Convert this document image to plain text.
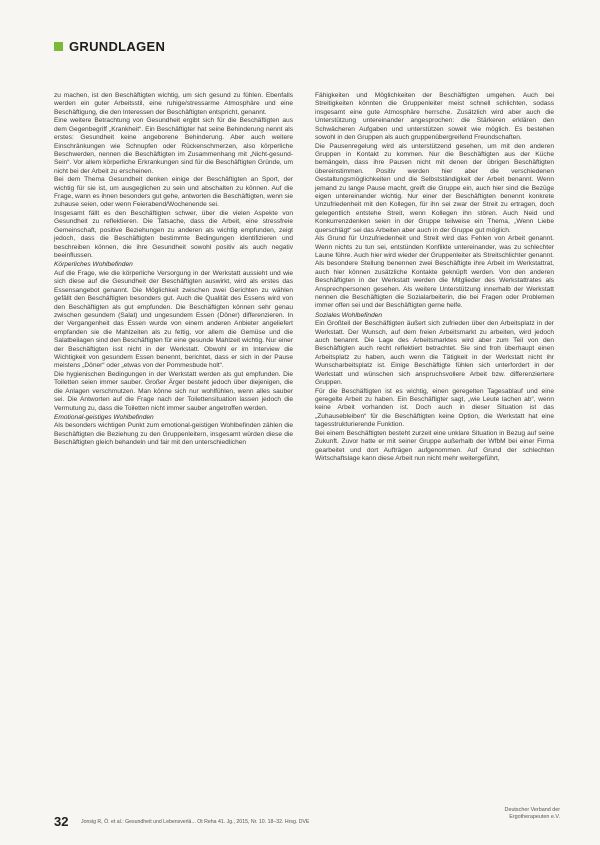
GRUNDLAGEN

zu machen, ist den Beschäftigten wichtig, um sich gesund zu fühlen. Ebenfalls werden ein guter Arbeitsstil, eine ruhige/stressarme Atmosphäre und eine Beschäftigung, die den Interessen der Beschäftigten entspricht, genannt.

Eine weitere Betrachtung von Gesundheit ergibt sich für die Beschäftigten aus dem Gegenbegriff „Krankheit“. Ein Beschäftigter hat seine Behinderung nennt als erstes: Gesundheit keine angeborene Behinderung. Aber auch weitere Einschränkungen wie Schnupfen oder Rückenschmerzen, also körperliche Beschwerden, nennen die Beschäftigten im Zusammenhang mit „Nicht-gesund-Sein“. Vor allem körperliche Erkrankungen sind für die Beschäftigten Gründe, um nicht bei der Arbeit zu erscheinen.

Bei dem Thema Gesundheit denken einige der Beschäftigten an Sport, der wichtig für sie ist, um ausgeglichen zu sein und abschalten zu können. Auf die Frage, wann es ihnen besonders gut gehe, antworten die Beschäftigten, wenn sie zuhause seien, oder wenn Feierabend/Wochenende sei.

Insgesamt fällt es den Beschäftigten schwer, über die vielen Aspekte von Gesundheit zu reflektieren. Die Tatsache, dass die Arbeit, eine stressfreie Gemeinschaft, positive Beziehungen zu anderen als wichtig empfunden, zeigt jedoch, dass die Beschäftigten bestimmte Bedingungen identifizieren und beschreiben können, die ihre Gesundheit sowohl positiv als auch negativ beeinflussen.

Körperliches Wohlbefinden

Auf die Frage, wie die körperliche Versorgung in der Werkstatt aussieht und wie sich diese auf die Gesundheit der Beschäftigten auswirkt, wird als erstes das Essensangebot genannt. Die Möglichkeit zwischen zwei Gerichten zu wählen gefällt den Beschäftigten besonders gut. Auch die Qualität des Essens wird von den Beschäftigten als gut empfunden. Die Beschäftigten können sehr genau zwischen gesundem (Salat) und ungesundem Essen (Döner) differenzieren. In der Vergangenheit das Essen wurde von einem anderen Anbieter angeliefert empfanden sie die Mahlzeiten als zu fettig, vor allem die Gemüse und die Salatbeilagen sind den Beschäftigten für eine gesunde Mahlzeit wichtig. Nur einer der Beschäftigten isst nicht in der Werkstatt. Obwohl er im Interview die Wichtigkeit von gesundem Essen benennt, berichtet, dass er sich in der Pause meistens „Döner“ oder „etwas von der Pommesbude holt“.

Die hygienischen Bedingungen in der Werkstatt werden als gut empfunden. Die Toiletten seien immer sauber. Großer Ärger besteht jedoch über diejenigen, die die Anlagen verschmutzen. Man könne sich nur wohlfühlen, wenn alles sauber sei. Die Antworten auf die Frage nach der Toilettensituation lassen jedoch die Vermutung zu, dass die Toiletten nicht immer sauber angetroffen werden.

Emotional-geistiges Wohlbefinden

Als besonders wichtigen Punkt zum emotional-geistigen Wohlbefinden zählen die Beschäftigten die Beziehung zu den Gruppenleitern, insgesamt würden diese die Beschäftigten gleich behandeln und fair mit den unterschiedlichen

Fähigkeiten und Möglichkeiten der Beschäftigten umgehen. Auch bei Streitigkeiten könnten die Gruppenleiter meist schnell schlichten, sodass insgesamt eine gute Atmosphäre herrsche. Zusätzlich wird aber auch die Unterstützung untereinander angesprochen: die Stärkeren erklären den Schwächeren Aufgaben und unterstützen soweit wie möglich. Es bestehen sowohl in den Gruppen als auch gruppenübergreifend Freundschaften.

Die Pausenregelung wird als unterstützend gesehen, um mit den anderen Gruppen in Kontakt zu kommen. Nur die Beschäftigten aus der Küche bemängeln, dass ihre Pausen nicht mit denen der übrigen Beschäftigten übereinstimmen. Positiv werden hier aber die verschiedenen Gestaltungsmöglichkeiten und die Selbstständigkeit der Arbeit benannt. Wenn jemand zu lange Pause macht, greift die Gruppe ein, auch hier sind die Bezüge eigen untereinander wichtig. Nur einer der Beschäftigten benennt konkrete Unzufriedenheit mit den Kollegen, für ihn sei zwar der Streit zu ertragen, doch gelegentlich entstehe Streit, wenn Kollegen ihn stören. Auch Neid und Konkurrenzdenken seien in der Gruppe teilweise ein Thema, „Wenn Liebe querschlägt“ sei das Arbeiten aber auch in der Gruppe gut möglich.

Als Grund für Unzufriedenheit und Streit wird das Fehlen von Arbeit genannt. Wenn nichts zu tun sei, entstünden Konflikte untereinander, was zu schlechter Laune führe. Auch hier wird wieder der Gruppenleiter als Streitschlichter genannt. Als besondere Stellung benennen zwei Beschäftigte ihre Arbeit im Werkstattrat, auch hier können zusätzliche Kontakte geknüpft werden. Von den anderen Beschäftigten in der Werkstatt werden die Mitglieder des Werkstattrates als Ansprechpersonen gesehen. Als weitere Unterstützung innerhalb der Werkstatt nennen die Beschäftigten die Sozialarbeiterin, die bei Fragen oder Problemen immer offen sei und der Beschäftigten gerne helfe.

Soziales Wohlbefinden

Ein Großteil der Beschäftigten äußert sich zufrieden über den Arbeitsplatz in der Werkstatt. Der Wunsch, auf dem freien Arbeitsmarkt zu arbeiten, wird jedoch auch benannt. Die Lage des Arbeitsmarktes wird aber zum Teil von den Beschäftigten auch recht reflektiert betrachtet. Sie sind froh überhaupt einen Arbeitsplatz zu haben, auch wenn die Tätigkeit in der Werkstatt nicht ihr Wunscharbeitsplatz ist. Einige Beschäftigte fühlen sich unterfordert in der Werkstatt und wünschen sich anspruchsvollere Arbeit bzw. differenziertere Gruppen.

Für die Beschäftigten ist es wichtig, einen geregelten Tagesablauf und eine geregelte Arbeit zu haben. Ein Beschäftigter sagt, „wie Leute lachen ab“, wenn keine Arbeit vorhanden ist. Doch auch in dieser Situation ist das „Zuhausebleiben“ für die Beschäftigten keine Option, die Werkstatt hat eine tagesstrukturierende Funktion.

Bei einem Beschäftigten besteht zurzeit eine unklare Situation in Bezug auf seine Zukunft. Zuvor hatte er mit seiner Gruppe außerhalb der WfbM bei einer Firma gearbeitet und dort Aufträgen aufgenommen. Auf Grund der schlechten Wirtschaftslage kann diese Arbeit nun nicht mehr weitergeführt,

32 Jonsig R, Ö. et al.: Gesundheit und Lebensverlä... Ot Reha 41. Jg., 2015, Nr. 10. 18–32. Hrsg. DVE
Deutscher Verband der
Ergotherapeuten e.V.
